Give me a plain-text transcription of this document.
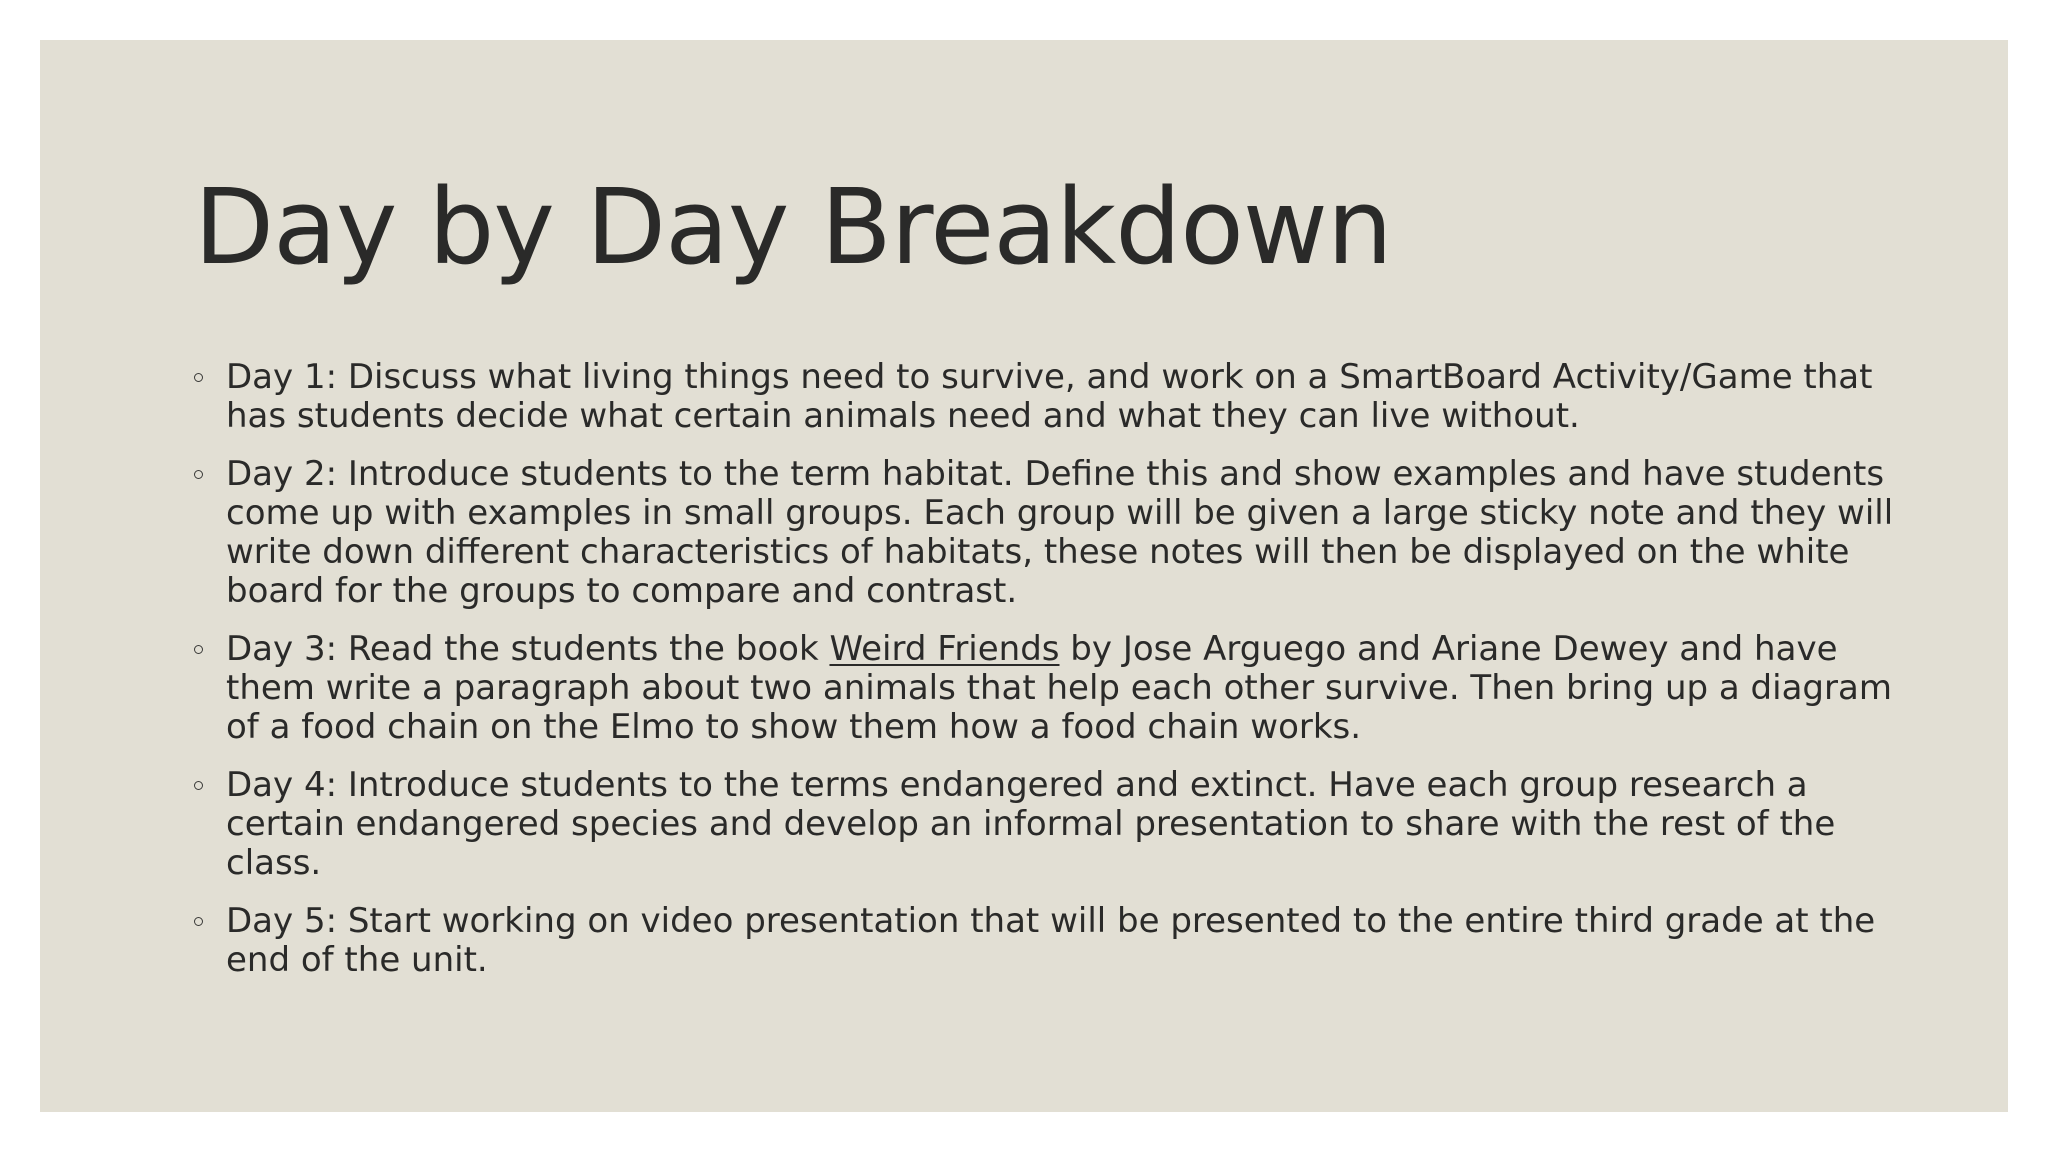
Day by Day Breakdown
Day 1: Discuss what living things need to survive, and work on a SmartBoard Activity/Game that has students decide what certain animals need and what they can live without.
Day 2: Introduce students to the term habitat. Define this and show examples and have students come up with examples in small groups. Each group will be given a large sticky note and they will write down different characteristics of habitats, these notes will then be displayed on the white board for the groups to compare and contrast.
Day 3: Read the students the book Weird Friends by Jose Arguego and Ariane Dewey and have them write a paragraph about two animals that help each other survive. Then bring up a diagram of a food chain on the Elmo to show them how a food chain works.
Day 4: Introduce students to the terms endangered and extinct. Have each group research a certain endangered species and develop an informal presentation to share with the rest of the class.
Day 5: Start working on video presentation that will be presented to the entire third grade at the end of the unit.
